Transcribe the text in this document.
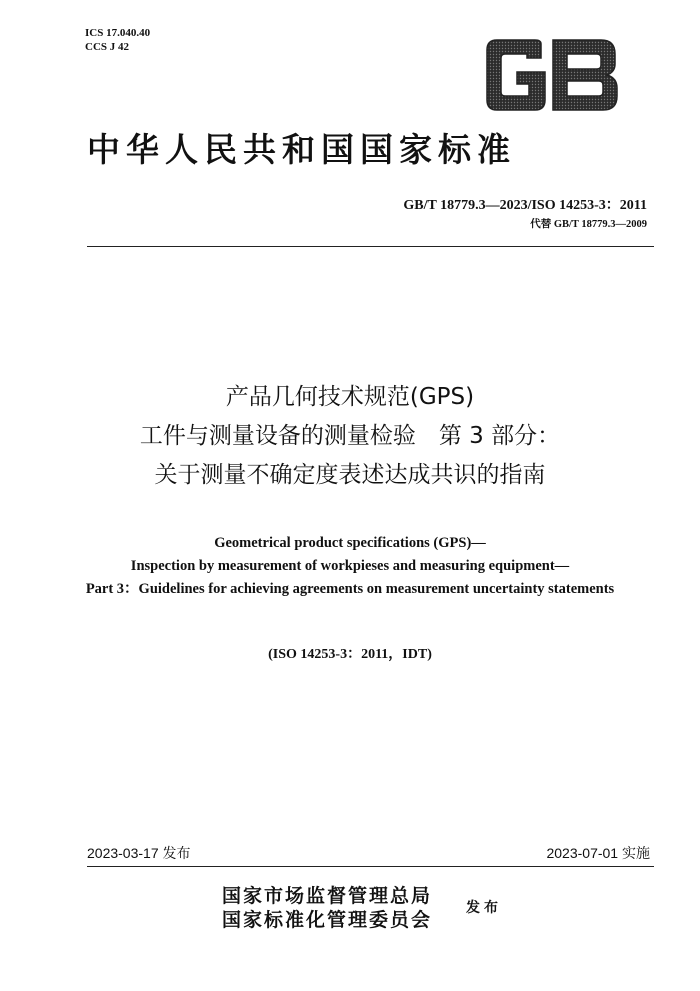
ICS 17.040.40
CCS J 42
中华人民共和国国家标准
GB/T 18779.3—2023/ISO 14253-3：2011
代替 GB/T 18779.3—2009
产品几何技术规范(GPS)
工件与测量设备的测量检验　第 3 部分：
关于测量不确定度表述达成共识的指南
Geometrical product specifications (GPS)—
Inspection by measurement of workpieses and measuring equipment—
Part 3：Guidelines for achieving agreements on measurement uncertainty statements
(ISO 14253-3：2011，IDT)
2023-03-17 发布	2023-07-01 实施
国家市场监督管理总局
国家标准化管理委员会
发布
